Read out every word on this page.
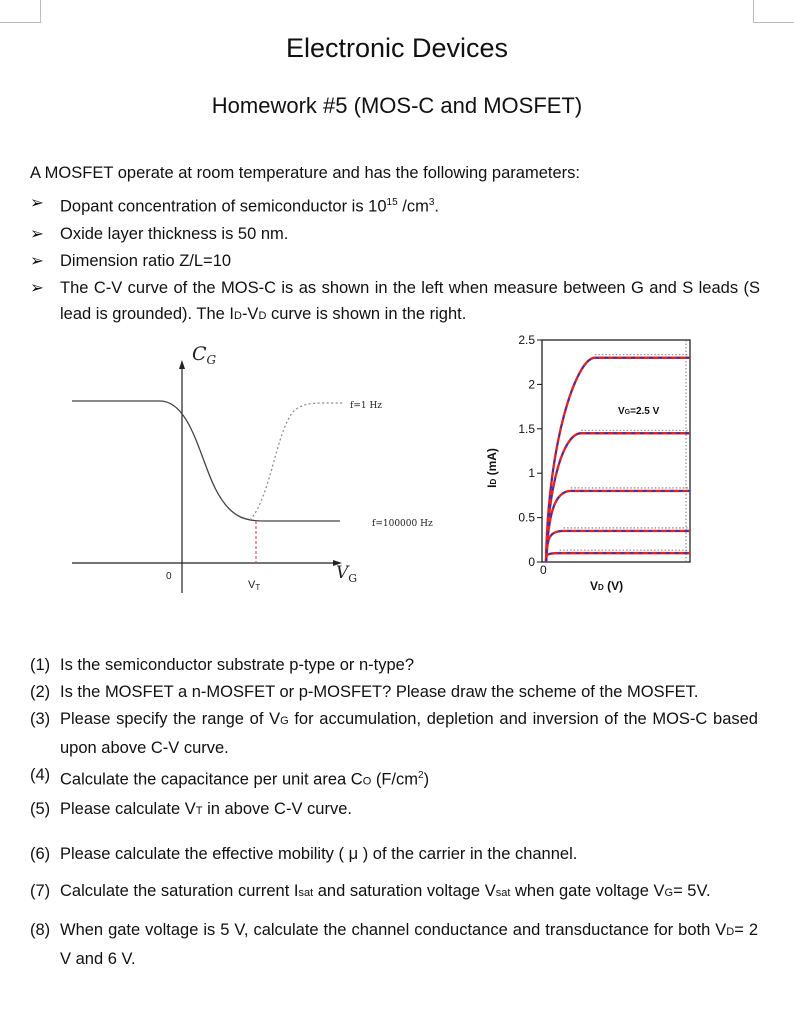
Electronic Devices
Homework #5 (MOS-C and MOSFET)
A MOSFET operate at room temperature and has the following parameters:
➢ Dopant concentration of semiconductor is $10^{15}$ $/cm^3$.
➢ Oxide layer thickness is 50 nm.
➢ Dimension ratio Z/L=10
➢ The C-V curve of the MOS-C is as shown in the left when measure between G and S leads (S lead is grounded). The ID-VD curve is shown in the right.
$C_G$
$V_G$
0
VT
f=1 Hz
f=100000 Hz
0
0.5
1
1.5
2
2.5
ID (mA)
VD (V)
0
VG=2.5 V
(1) Is the semiconductor substrate p-type or n-type?
(2) Is the MOSFET a n-MOSFET or p-MOSFET? Please draw the scheme of the MOSFET.
(3) Please specify the range of VG for accumulation, depletion and inversion of the MOS-C based upon above C-V curve.
(4) Calculate the capacitance per unit area CO $(F/cm^2)$
(5) Please calculate VT in above C-V curve.
(6) Please calculate the effective mobility ( μ ) of the carrier in the channel.
(7) Calculate the saturation current Isat and saturation voltage Vsat when gate voltage VG= 5V.
(8) When gate voltage is 5 V, calculate the channel conductance and transductance for both VD= 2 V and 6 V.
